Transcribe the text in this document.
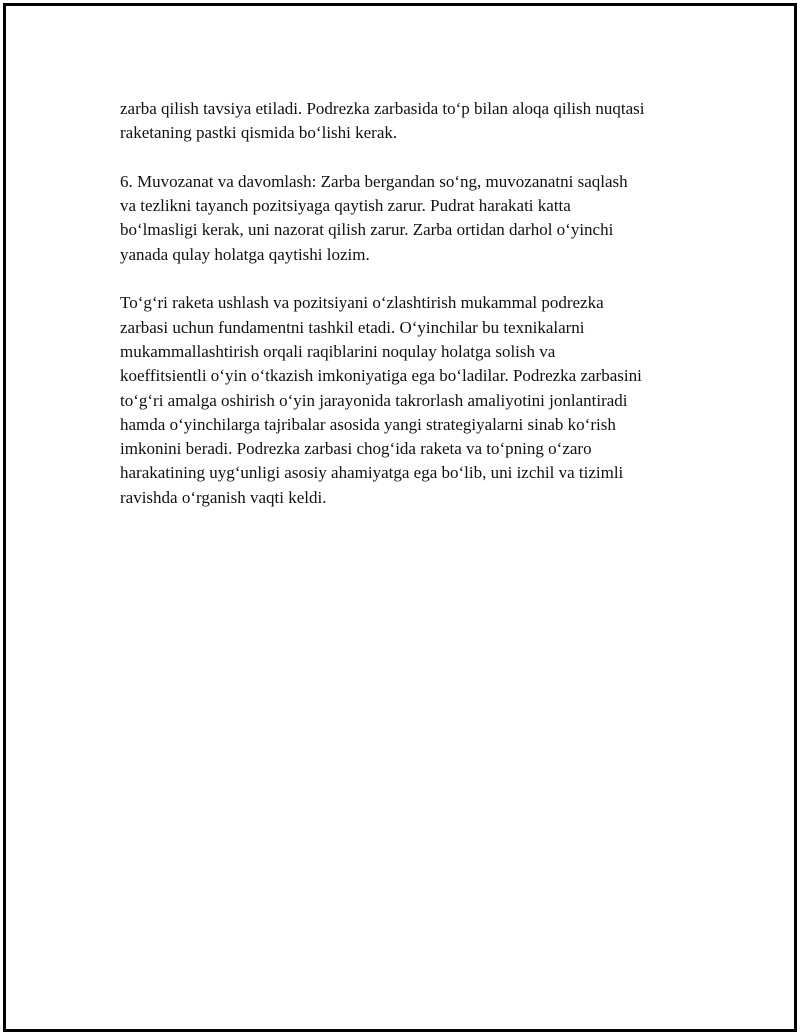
zarba qilish tavsiya etiladi. Podrezka zarbasida to‘p bilan aloqa qilish nuqtasi
raketaning pastki qismida bo‘lishi kerak.

6. Muvozanat va davomlash: Zarba bergandan so‘ng, muvozanatni saqlash
va tezlikni tayanch pozitsiyaga qaytish zarur. Pudrat harakati katta
bo‘lmasligi kerak, uni nazorat qilish zarur. Zarba ortidan darhol o‘yinchi
yanada qulay holatga qaytishi lozim.

To‘g‘ri raketa ushlash va pozitsiyani o‘zlashtirish mukammal podrezka
zarbasi uchun fundamentni tashkil etadi. O‘yinchilar bu texnikalarni
mukammallashtirish orqali raqiblarini noqulay holatga solish va
koeffitsientli o‘yin o‘tkazish imkoniyatiga ega bo‘ladilar. Podrezka zarbasini
to‘g‘ri amalga oshirish o‘yin jarayonida takrorlash amaliyotini jonlantiradi
hamda o‘yinchilarga tajribalar asosida yangi strategiyalarni sinab ko‘rish
imkonini beradi. Podrezka zarbasi chog‘ida raketa va to‘pning o‘zaro
harakatining uyg‘unligi asosiy ahamiyatga ega bo‘lib, uni izchil va tizimli
ravishda o‘rganish vaqti keldi.
